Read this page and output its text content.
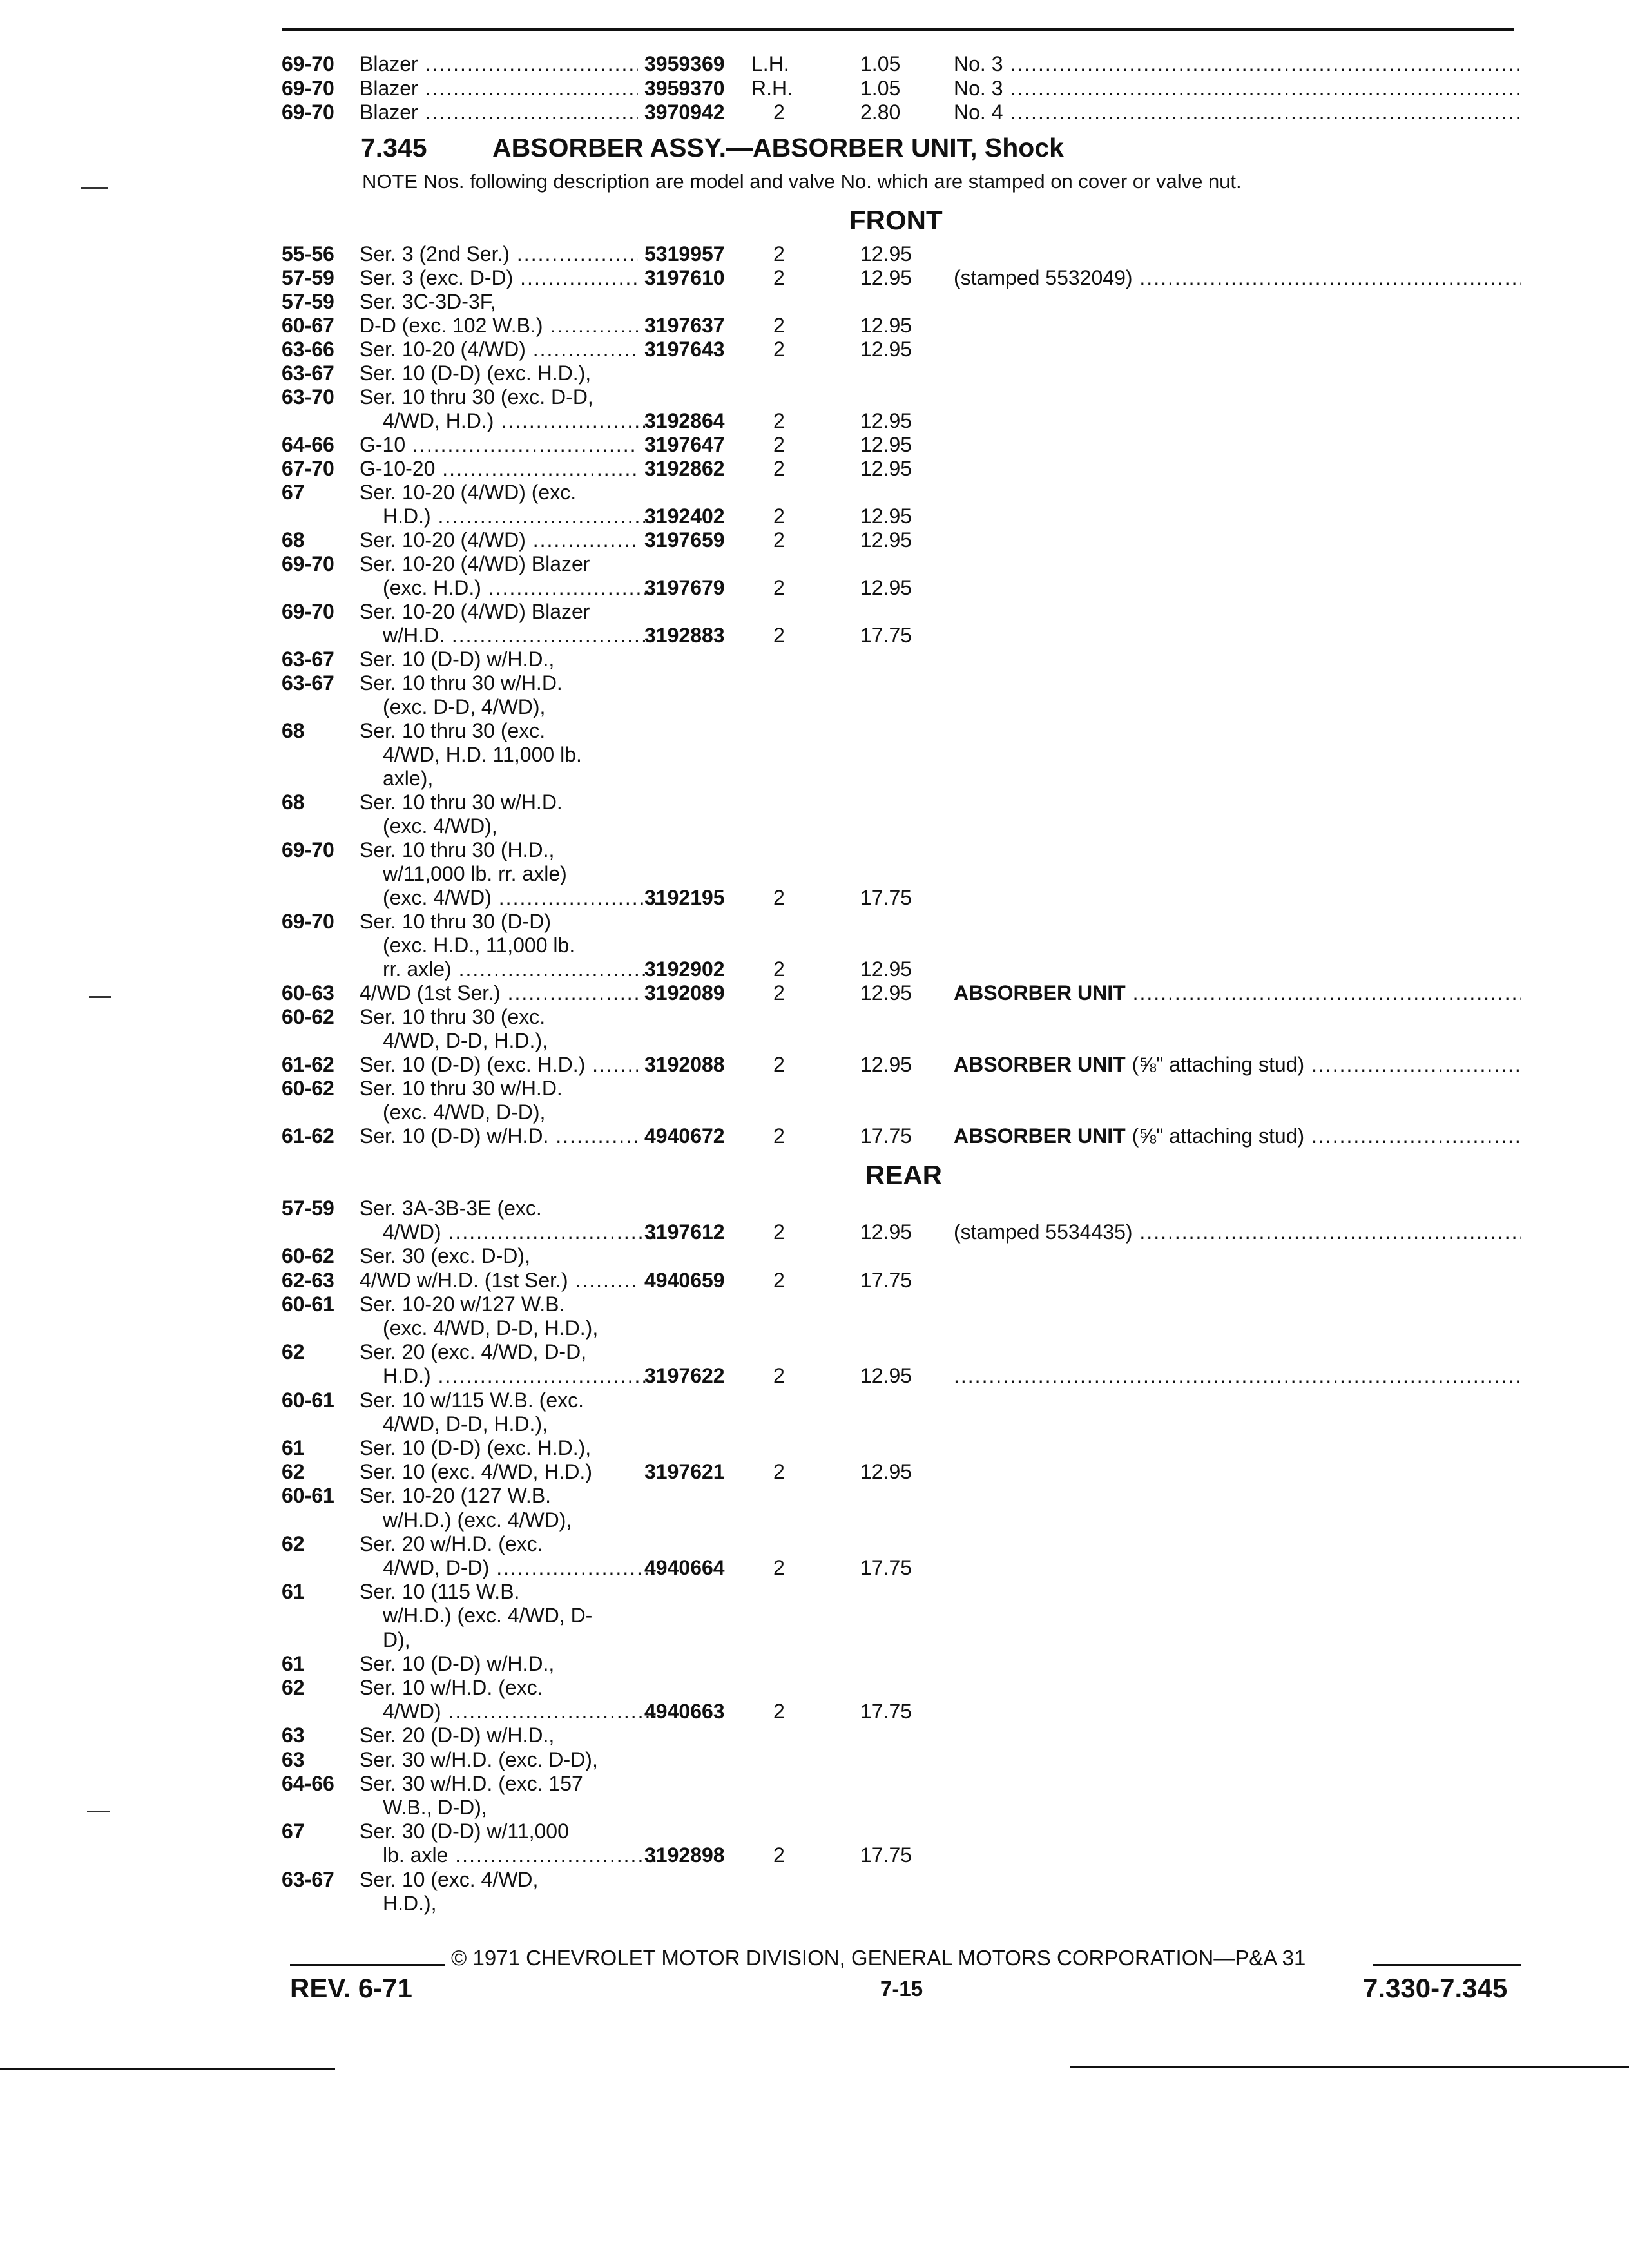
69-70 Blazer .....	3959369 L.H.	1.05	No. 3 .....
69-70 Blazer .....	3959370 R.H.	1.05	No. 3 .....
69-70 Blazer .....	3970942 2	2.80	No. 4 .....
7.345 ABSORBER ASSY.—ABSORBER UNIT, Shock
NOTE Nos. following description are model and valve No. which are stamped on cover or valve nut.
FRONT
55-56 Ser. 3 (2nd Ser.) .....	5319957 2	12.95
57-59 Ser. 3 (exc. D-D) .....	3197610 2	12.95 (stamped 5532049) .....
57-59 Ser. 3C-3D-3F,
60-67 D-D (exc. 102 W.B.) .....	3197637 2	12.95
63-66 Ser. 10-20 (4/WD) .....	3197643 2	12.95
63-67 Ser. 10 (D-D) (exc. H.D.),
63-70 Ser. 10 thru 30 (exc. D-D,
4/WD, H.D.) .....	3192864 2	12.95
64-66 G-10 .....	3197647 2	12.95
67-70 G-10-20 .....	3192862 2	12.95
67	Ser. 10-20 (4/WD) (exc.
H.D.) .....	3192402 2	12.95
68	Ser. 10-20 (4/WD) .....	3197659 2	12.95
69-70 Ser. 10-20 (4/WD) Blazer
(exc. H.D.) .....	3197679 2	12.95
69-70 Ser. 10-20 (4/WD) Blazer
w/H.D. .....	3192883 2	17.75
63-67 Ser. 10 (D-D) w/H.D.,
63-67 Ser. 10 thru 30 w/H.D.
(exc. D-D, 4/WD),
68	Ser. 10 thru 30 (exc.
4/WD, H.D. 11,000 lb.
axle),
68	Ser. 10 thru 30 w/H.D.
(exc. 4/WD),
69-70 Ser. 10 thru 30 (H.D.,
w/11,000 lb. rr. axle)
(exc. 4/WD) .....	3192195 2	17.75
69-70 Ser. 10 thru 30 (D-D)
(exc. H.D., 11,000 lb.
rr. axle) .....	3192902 2	12.95
60-63 4/WD (1st Ser.) .....	3192089 2	12.95 ABSORBER UNIT .....
60-62 Ser. 10 thru 30 (exc.
4/WD, D-D, H.D.),
61-62 Ser. 10 (D-D) (exc. H.D.) .....	3192088 2	12.95 ABSORBER UNIT (⅝" attaching stud) .....
60-62 Ser. 10 thru 30 w/H.D.
(exc. 4/WD, D-D),
61-62 Ser. 10 (D-D) w/H.D. .....	4940672 2	17.75 ABSORBER UNIT (⅝" attaching stud) .....
REAR
57-59 Ser. 3A-3B-3E (exc.
4/WD) .....	3197612 2	12.95 (stamped 5534435) .....
60-62 Ser. 30 (exc. D-D),
62-63 4/WD w/H.D. (1st Ser.) .....	4940659 2	17.75
60-61 Ser. 10-20 w/127 W.B.
(exc. 4/WD, D-D, H.D.),
62	Ser. 20 (exc. 4/WD, D-D,
H.D.) .....	3197622 2	12.95
.....
60-61 Ser. 10 w/115 W.B. (exc.
4/WD, D-D, H.D.),
61	Ser. 10 (D-D) (exc. H.D.),
62	Ser. 10 (exc. 4/WD, H.D.)	3197621 2	12.95
60-61 Ser. 10-20 (127 W.B.
w/H.D.) (exc. 4/WD),
62	Ser. 20 w/H.D. (exc.
4/WD, D-D) .....	4940664 2	17.75
61	Ser. 10 (115 W.B.
w/H.D.) (exc. 4/WD, D-
D),
61	Ser. 10 (D-D) w/H.D.,
62	Ser. 10 w/H.D. (exc.
4/WD) .....	4940663 2	17.75
63	Ser. 20 (D-D) w/H.D.,
63	Ser. 30 w/H.D. (exc. D-D),
64-66 Ser. 30 w/H.D. (exc. 157
W.B., D-D),
67	Ser. 30 (D-D) w/11,000
lb. axle .....	3192898 2	17.75
63-67 Ser. 10 (exc. 4/WD,
H.D.),
© 1971 CHEVROLET MOTOR DIVISION, GENERAL MOTORS CORPORATION—P&A 31
REV. 6-71	7-15	7.330-7.345
